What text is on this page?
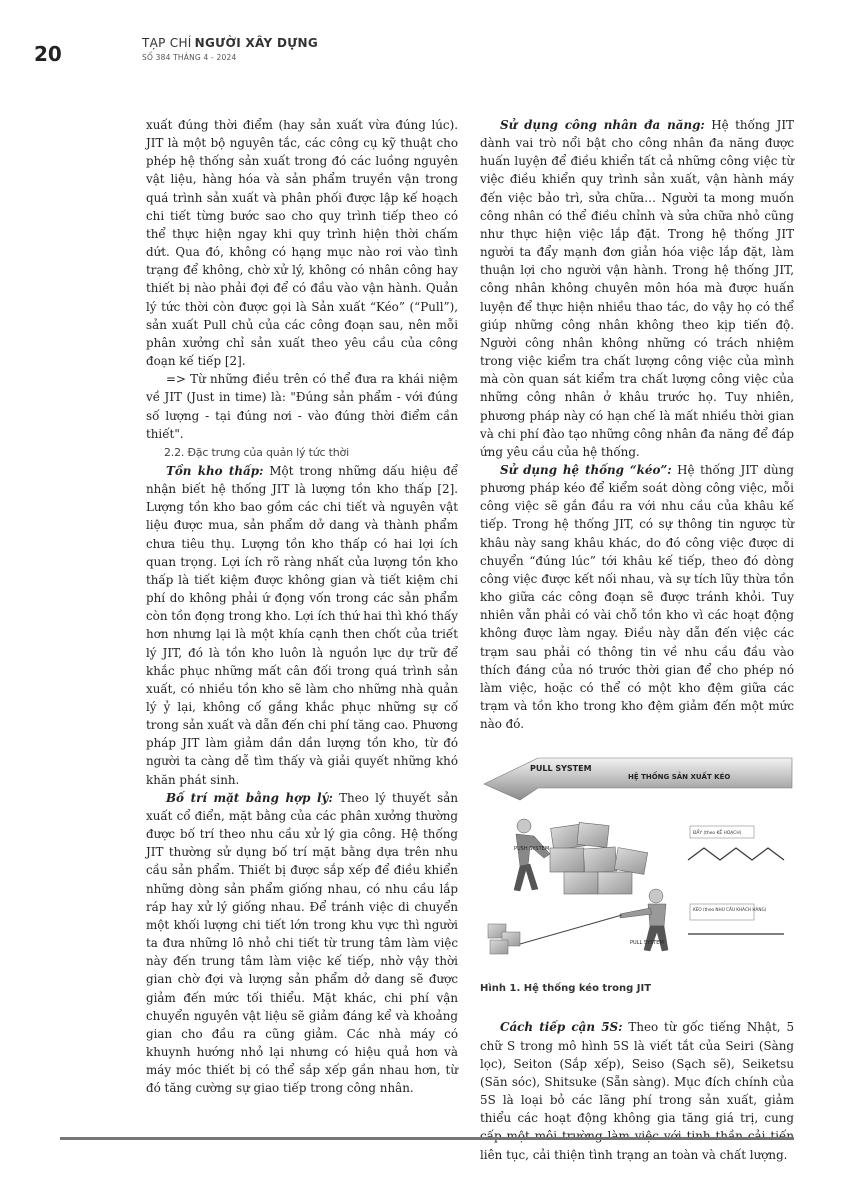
20	TẠP CHÍ NGƯỜI XÂY DỰNG
SỐ 384 THÁNG 4 - 2024

xuất đúng thời điểm (hay sản xuất vừa đúng lúc). JIT là một bộ nguyên tắc, các công cụ kỹ thuật cho phép hệ thống sản xuất trong đó các luồng nguyên vật liệu, hàng hóa và sản phẩm truyền vận trong quá trình sản xuất và phân phối được lập kế hoạch chi tiết từng bước sao cho quy trình tiếp theo có thể thực hiện ngay khi quy trình hiện thời chấm dứt. Qua đó, không có hạng mục nào rơi vào tình trạng để không, chờ xử lý, không có nhân công hay thiết bị nào phải đợi để có đầu vào vận hành. Quản lý tức thời còn được gọi là Sản xuất “Kéo” (“Pull”), sản xuất Pull chủ của các công đoạn sau, nên mỗi phân xưởng chỉ sản xuất theo yêu cầu của công đoạn kế tiếp [2].

=> Từ những điều trên có thể đưa ra khái niệm về JIT (Just in time) là: "Đúng sản phẩm - với đúng số lượng - tại đúng nơi - vào đúng thời điểm cần thiết".

2.2. Đặc trưng của quản lý tức thời

Tồn kho thấp: Một trong những dấu hiệu để nhận biết hệ thống JIT là lượng tồn kho thấp [2]. Lượng tồn kho bao gồm các chi tiết và nguyên vật liệu được mua, sản phẩm dở dang và thành phẩm chưa tiêu thụ. Lượng tồn kho thấp có hai lợi ích quan trọng. Lợi ích rõ ràng nhất của lượng tồn kho thấp là tiết kiệm được không gian và tiết kiệm chi phí do không phải ứ đọng vốn trong các sản phẩm còn tồn đọng trong kho. Lợi ích thứ hai thì khó thấy hơn nhưng lại là một khía cạnh then chốt của triết lý JIT, đó là tồn kho luôn là nguồn lực dự trữ để khắc phục những mất cân đối trong quá trình sản xuất, có nhiều tồn kho sẽ làm cho những nhà quản lý ỷ lại, không cố gắng khắc phục những sự cố trong sản xuất và dẫn đến chi phí tăng cao. Phương pháp JIT làm giảm dần dần lượng tồn kho, từ đó người ta càng dễ tìm thấy và giải quyết những khó khăn phát sinh.

Bố trí mặt bằng hợp lý: Theo lý thuyết sản xuất cổ điển, mặt bằng của các phân xưởng thường được bố trí theo nhu cầu xử lý gia công. Hệ thống JIT thường sử dụng bố trí mặt bằng dựa trên nhu cầu sản phẩm. Thiết bị được sắp xếp để điều khiển những dòng sản phẩm giống nhau, có nhu cầu lắp ráp hay xử lý giống nhau. Để tránh việc di chuyển một khối lượng chi tiết lớn trong khu vực thì người ta đưa những lô nhỏ chi tiết từ trung tâm làm việc này đến trung tâm làm việc kế tiếp, nhờ vậy thời gian chờ đợi và lượng sản phẩm dở dang sẽ được giảm đến mức tối thiểu. Mặt khác, chi phí vận chuyển nguyên vật liệu sẽ giảm đáng kể và khoảng gian cho đầu ra cũng giảm. Các nhà máy có khuynh hướng nhỏ lại nhưng có hiệu quả hơn và máy móc thiết bị có thể sắp xếp gần nhau hơn, từ đó tăng cường sự giao tiếp trong công nhân.

Sử dụng công nhân đa năng: Hệ thống JIT dành vai trò nổi bật cho công nhân đa năng được huấn luyện để điều khiển tất cả những công việc từ việc điều khiển quy trình sản xuất, vận hành máy đến việc bảo trì, sửa chữa… Người ta mong muốn công nhân có thể điều chỉnh và sửa chữa nhỏ cũng như thực hiện việc lắp đặt. Trong hệ thống JIT người ta đẩy mạnh đơn giản hóa việc lắp đặt, làm thuận lợi cho người vận hành. Trong hệ thống JIT, công nhân không chuyên môn hóa mà được huấn luyện để thực hiện nhiều thao tác, do vậy họ có thể giúp những công nhân không theo kịp tiến độ. Người công nhân không những có trách nhiệm trong việc kiểm tra chất lượng công việc của mình mà còn quan sát kiểm tra chất lượng công việc của những công nhân ở khâu trước họ. Tuy nhiên, phương pháp này có hạn chế là mất nhiều thời gian và chi phí đào tạo những công nhân đa năng để đáp ứng yêu cầu của hệ thống.

Sử dụng hệ thống “kéo”: Hệ thống JIT dùng phương pháp kéo để kiểm soát dòng công việc, mỗi công việc sẽ gắn đầu ra với nhu cầu của khâu kế tiếp. Trong hệ thống JIT, có sự thông tin ngược từ khâu này sang khâu khác, do đó công việc được di chuyển “đúng lúc” tới khâu kế tiếp, theo đó dòng công việc được kết nối nhau, và sự tích lũy thừa tồn kho giữa các công đoạn sẽ được tránh khỏi. Tuy nhiên vẫn phải có vài chỗ tồn kho vì các hoạt động không được làm ngay. Điều này dẫn đến việc các trạm sau phải có thông tin về nhu cầu đầu vào thích đáng của nó trước thời gian để cho phép nó làm việc, hoặc có thể có một kho đệm giữa các trạm và tồn kho trong kho đệm giảm đến một mức nào đó.

PULL SYSTEM
HỆ THỐNG SẢN XUẤT KÉO
PUSH SYSTEM
PULL SYSTEM
ĐẨY (theo KẾ HOẠCH)
KÉO (theo NHU CẦU KHÁCH HÀNG)
Hình 1. Hệ thống kéo trong JIT

Cách tiếp cận 5S: Theo từ gốc tiếng Nhật, 5 chữ S trong mô hình 5S là viết tắt của Seiri (Sàng lọc), Seiton (Sắp xếp), Seiso (Sạch sẽ), Seiketsu (Săn sóc), Shitsuke (Sẵn sàng). Mục đích chính của 5S là loại bỏ các lãng phí trong sản xuất, giảm thiểu các hoạt động không gia tăng giá trị, cung cấp một môi trường làm việc với tinh thần cải tiến liên tục, cải thiện tình trạng an toàn và chất lượng.
